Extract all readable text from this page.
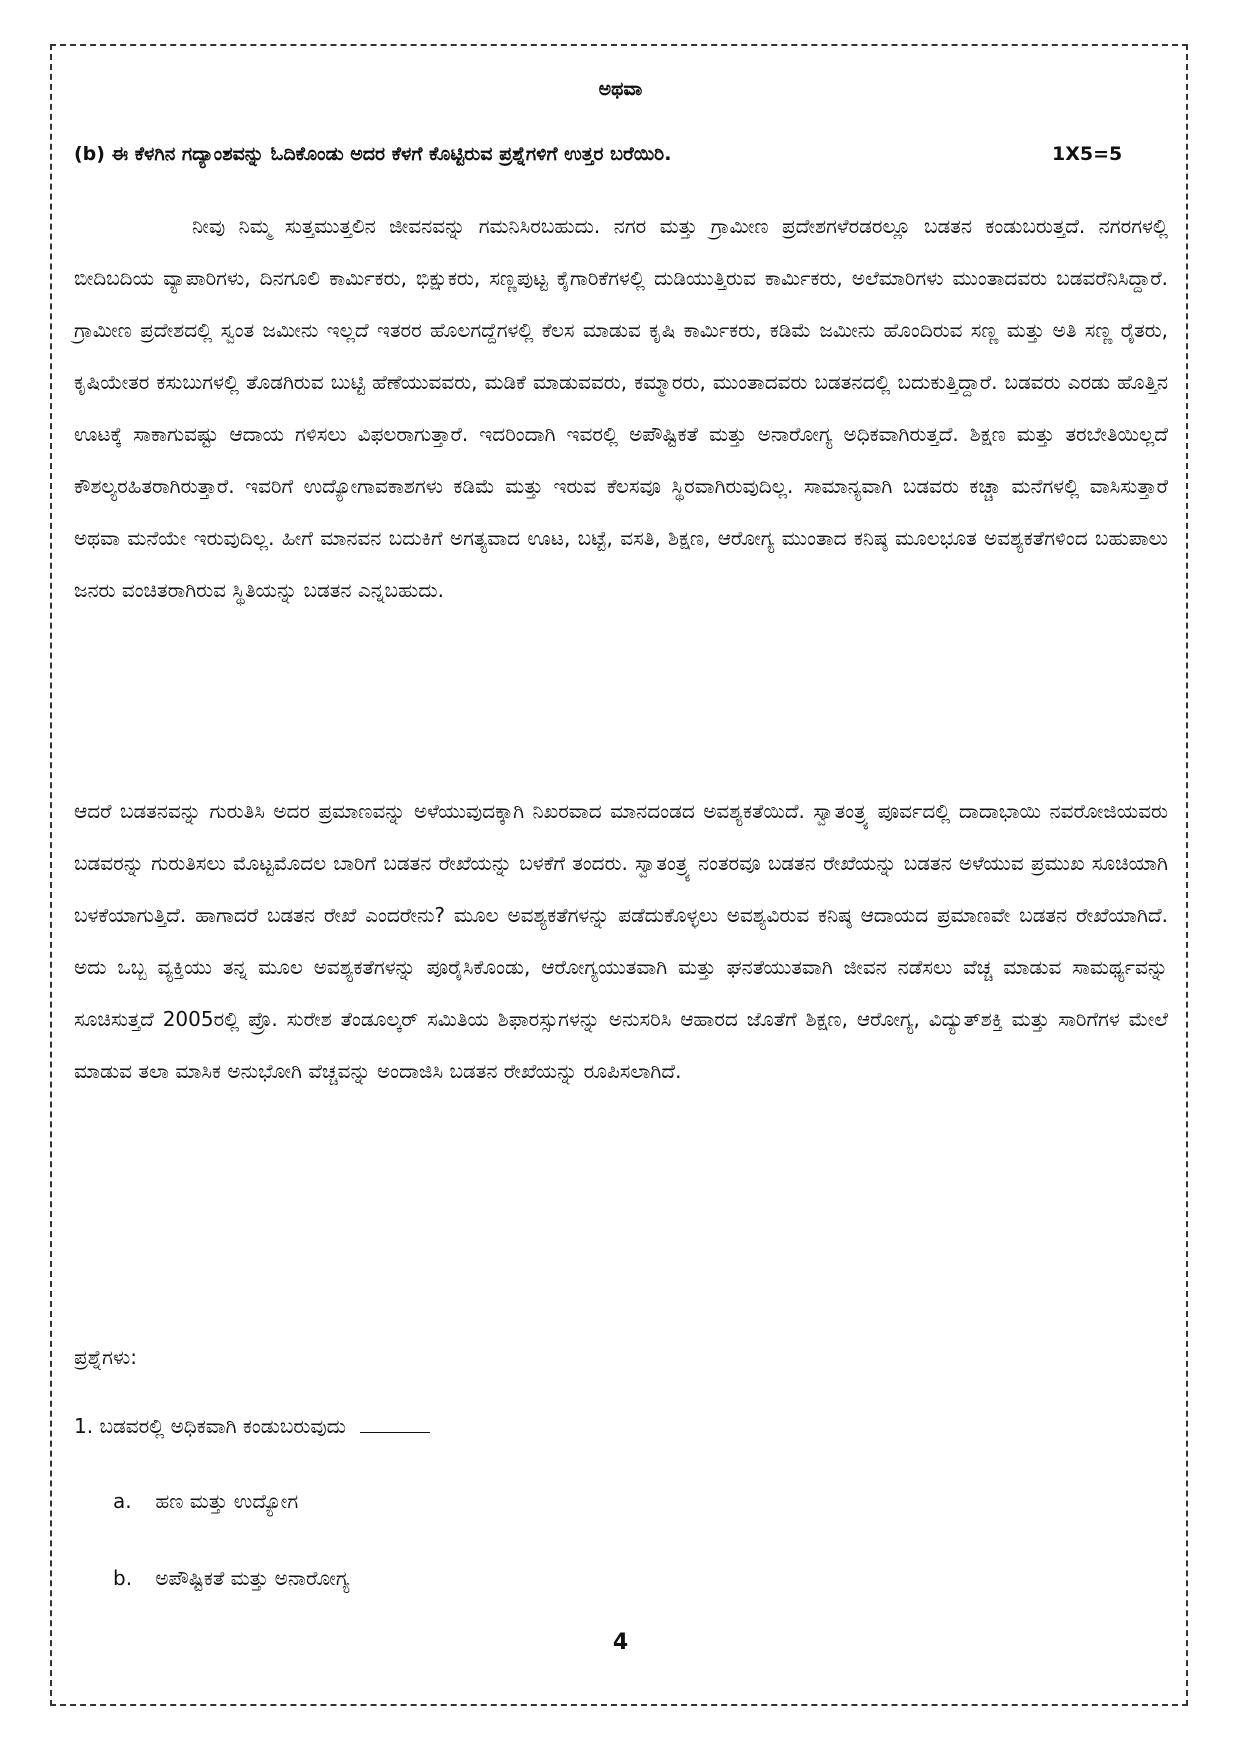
ಅಥವಾ
(b) ಈ ಕೆಳಗಿನ ಗದ್ಯಾಂಶವನ್ನು ಓದಿಕೊಂಡು ಅದರ ಕೆಳಗೆ ಕೊಟ್ಟಿರುವ ಪ್ರಶ್ನೆಗಳಿಗೆ ಉತ್ತರ ಬರೆಯಿರಿ.	1X5=5

ನೀವು ನಿಮ್ಮ ಸುತ್ತಮುತ್ತಲಿನ ಜೀವನವನ್ನು ಗಮನಿಸಿರಬಹುದು. ನಗರ ಮತ್ತು ಗ್ರಾಮೀಣ ಪ್ರದೇಶಗಳೆರಡರಲ್ಲೂ ಬಡತನ ಕಂಡುಬರುತ್ತದೆ. ನಗರಗಳಲ್ಲಿ ಬೀದಿಬದಿಯ ವ್ಯಾಪಾರಿಗಳು, ದಿನಗೂಲಿ ಕಾರ್ಮಿಕರು, ಭಿಕ್ಷುಕರು, ಸಣ್ಣಪುಟ್ಟ ಕೈಗಾರಿಕೆಗಳಲ್ಲಿ ದುಡಿಯುತ್ತಿರುವ ಕಾರ್ಮಿಕರು, ಅಲೆಮಾರಿಗಳು ಮುಂತಾದವರು ಬಡವರೆನಿಸಿದ್ದಾರೆ. ಗ್ರಾಮೀಣ ಪ್ರದೇಶದಲ್ಲಿ ಸ್ವಂತ ಜಮೀನು ಇಲ್ಲದೆ ಇತರರ ಹೊಲಗದ್ದೆಗಳಲ್ಲಿ ಕೆಲಸ ಮಾಡುವ ಕೃಷಿ ಕಾರ್ಮಿಕರು, ಕಡಿಮೆ ಜಮೀನು ಹೊಂದಿರುವ ಸಣ್ಣ ಮತ್ತು ಅತಿ ಸಣ್ಣ ರೈತರು, ಕೃಷಿಯೇತರ ಕಸುಬುಗಳಲ್ಲಿ ತೊಡಗಿರುವ ಬುಟ್ಟಿ ಹೆಣೆಯುವವರು, ಮಡಿಕೆ ಮಾಡುವವರು, ಕಮ್ಮಾರರು, ಮುಂತಾದವರು ಬಡತನದಲ್ಲಿ ಬದುಕುತ್ತಿದ್ದಾರೆ. ಬಡವರು ಎರಡು ಹೊತ್ತಿನ ಊಟಕ್ಕೆ ಸಾಕಾಗುವಷ್ಟು ಆದಾಯ ಗಳಿಸಲು ವಿಫಲರಾಗುತ್ತಾರೆ. ಇದರಿಂದಾಗಿ ಇವರಲ್ಲಿ ಅಪೌಷ್ಟಿಕತೆ ಮತ್ತು ಅನಾರೋಗ್ಯ ಅಧಿಕವಾಗಿರುತ್ತದೆ. ಶಿಕ್ಷಣ ಮತ್ತು ತರಬೇತಿಯಿಲ್ಲದೆ ಕೌಶಲ್ಯರಹಿತರಾಗಿರುತ್ತಾರೆ. ಇವರಿಗೆ ಉದ್ಯೋಗಾವಕಾಶಗಳು ಕಡಿಮೆ ಮತ್ತು ಇರುವ ಕೆಲಸವೂ ಸ್ಥಿರವಾಗಿರುವುದಿಲ್ಲ. ಸಾಮಾನ್ಯವಾಗಿ ಬಡವರು ಕಚ್ಚಾ ಮನೆಗಳಲ್ಲಿ ವಾಸಿಸುತ್ತಾರೆ ಅಥವಾ ಮನೆಯೇ ಇರುವುದಿಲ್ಲ. ಹೀಗೆ ಮಾನವನ ಬದುಕಿಗೆ ಅಗತ್ಯವಾದ ಊಟ, ಬಟ್ಟೆ, ವಸತಿ, ಶಿಕ್ಷಣ, ಆರೋಗ್ಯ ಮುಂತಾದ ಕನಿಷ್ಠ ಮೂಲಭೂತ ಅವಶ್ಯಕತೆಗಳಿಂದ ಬಹುಪಾಲು ಜನರು ವಂಚಿತರಾಗಿರುವ ಸ್ಥಿತಿಯನ್ನು ಬಡತನ ಎನ್ನಬಹುದು.

ಆದರೆ ಬಡತನವನ್ನು ಗುರುತಿಸಿ ಅದರ ಪ್ರಮಾಣವನ್ನು ಅಳೆಯುವುದಕ್ಕಾಗಿ ನಿಖರವಾದ ಮಾನದಂಡದ ಅವಶ್ಯಕತೆಯಿದೆ. ಸ್ವಾತಂತ್ರ್ಯ ಪೂರ್ವದಲ್ಲಿ ದಾದಾಭಾಯಿ ನವರೋಜಿಯವರು ಬಡವರನ್ನು ಗುರುತಿಸಲು ಮೊಟ್ಟಮೊದಲ ಬಾರಿಗೆ ಬಡತನ ರೇಖೆಯನ್ನು ಬಳಕೆಗೆ ತಂದರು. ಸ್ವಾತಂತ್ರ್ಯ ನಂತರವೂ ಬಡತನ ರೇಖೆಯನ್ನು ಬಡತನ ಅಳೆಯುವ ಪ್ರಮುಖ ಸೂಚಿಯಾಗಿ ಬಳಕೆಯಾಗುತ್ತಿದೆ. ಹಾಗಾದರೆ ಬಡತನ ರೇಖೆ ಎಂದರೇನು? ಮೂಲ ಅವಶ್ಯಕತೆಗಳನ್ನು ಪಡೆದುಕೊಳ್ಳಲು ಅವಶ್ಯವಿರುವ ಕನಿಷ್ಠ ಆದಾಯದ ಪ್ರಮಾಣವೇ ಬಡತನ ರೇಖೆಯಾಗಿದೆ. ಅದು ಒಬ್ಬ ವ್ಯಕ್ತಿಯು ತನ್ನ ಮೂಲ ಅವಶ್ಯಕತೆಗಳನ್ನು ಪೂರೈಸಿಕೊಂಡು, ಆರೋಗ್ಯಯುತವಾಗಿ ಮತ್ತು ಘನತೆಯುತವಾಗಿ ಜೀವನ ನಡೆಸಲು ವೆಚ್ಚ ಮಾಡುವ ಸಾಮರ್ಥ್ಯವನ್ನು ಸೂಚಿಸುತ್ತದೆ 2005ರಲ್ಲಿ ಪ್ರೊ. ಸುರೇಶ ತೆಂಡೂಲ್ಕರ್ ಸಮಿತಿಯ ಶಿಫಾರಸ್ಸುಗಳನ್ನು ಅನುಸರಿಸಿ ಆಹಾರದ ಜೊತೆಗೆ ಶಿಕ್ಷಣ, ಆರೋಗ್ಯ, ವಿದ್ಯುತ್‌ಶಕ್ತಿ ಮತ್ತು ಸಾರಿಗೆಗಳ ಮೇಲೆ ಮಾಡುವ ತಲಾ ಮಾಸಿಕ ಅನುಭೋಗಿ ವೆಚ್ಚವನ್ನು ಅಂದಾಜಿಸಿ ಬಡತನ ರೇಖೆಯನ್ನು ರೂಪಿಸಲಾಗಿದೆ.

ಪ್ರಶ್ನೆಗಳು:
1. ಬಡವರಲ್ಲಿ ಅಧಿಕವಾಗಿ ಕಂಡುಬರುವುದು
a. ಹಣ ಮತ್ತು ಉದ್ಯೋಗ
b. ಅಪೌಷ್ಟಿಕತೆ ಮತ್ತು ಅನಾರೋಗ್ಯ
4
